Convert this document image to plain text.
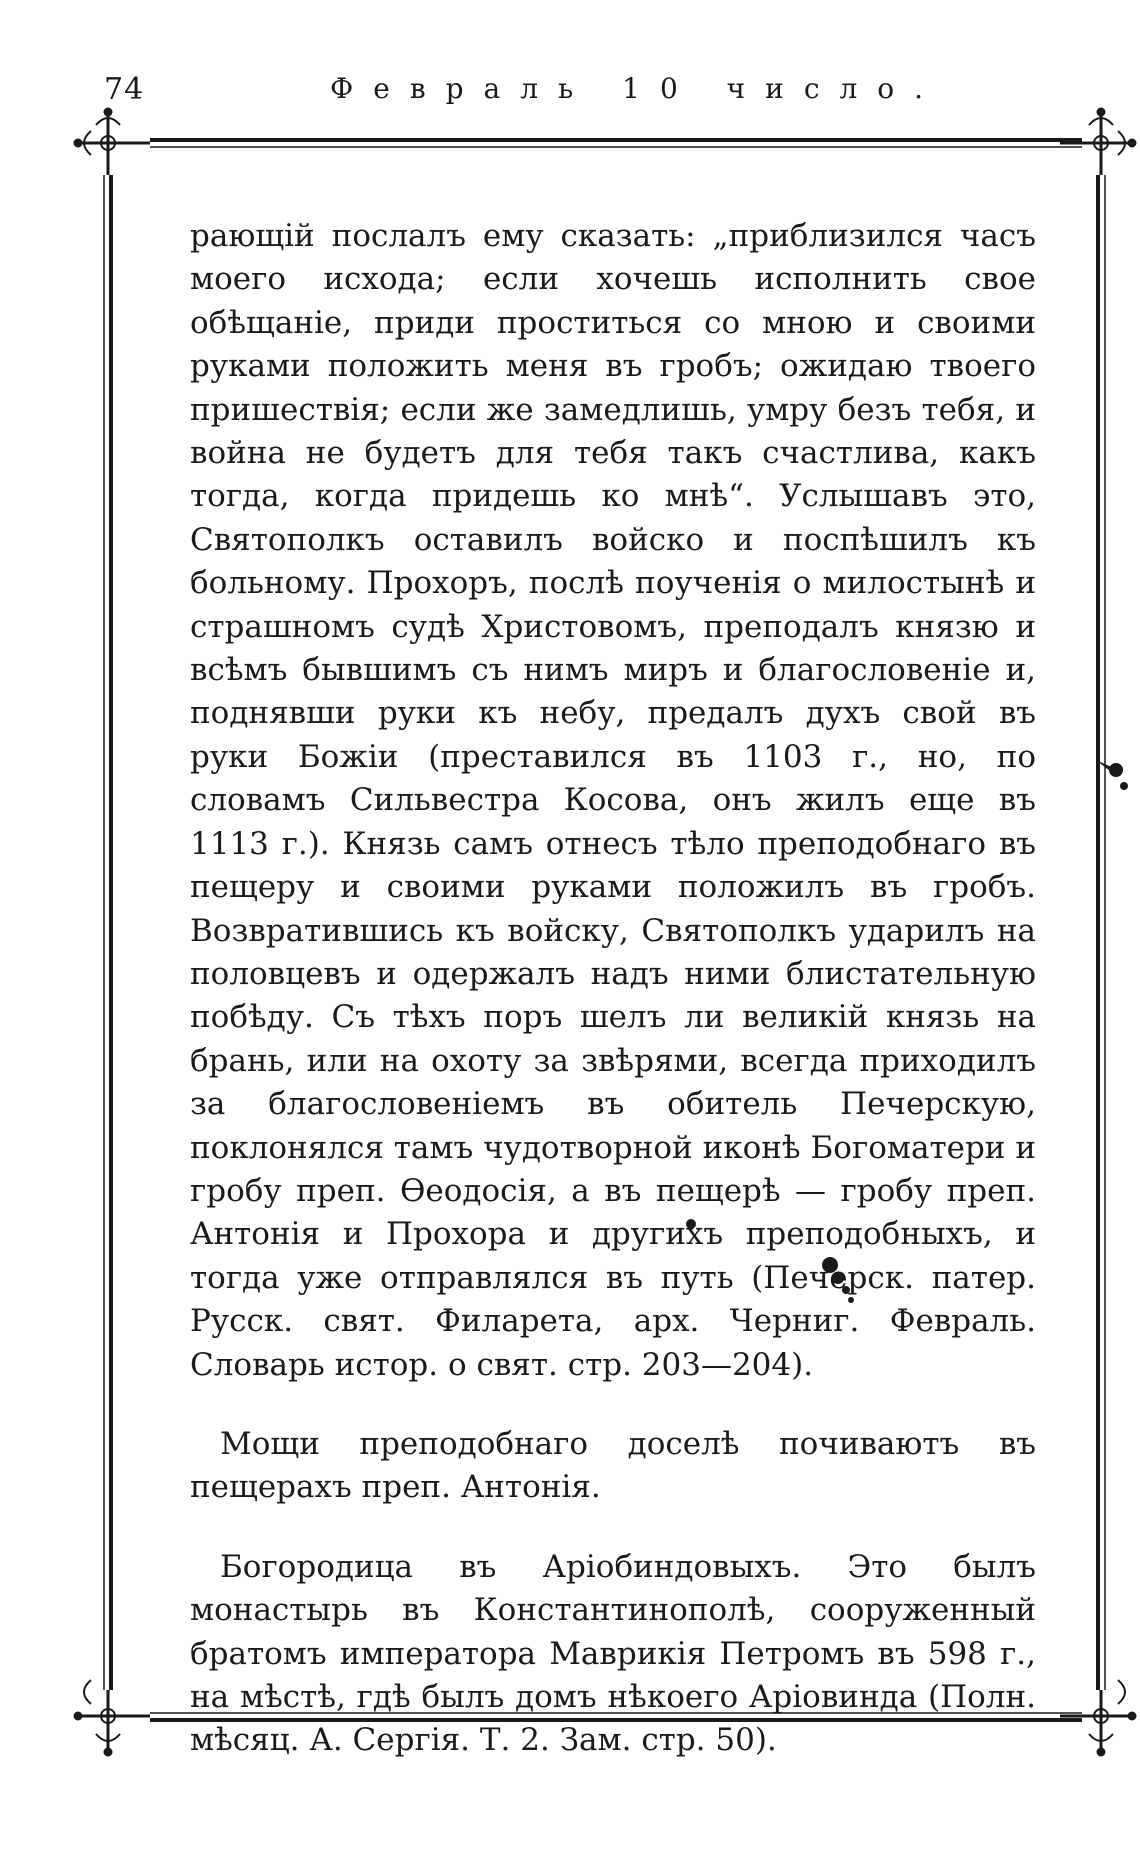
74	Февраль 10 число.

рающій послалъ ему сказать: „приблизился часъ моего исхода; если хочешь исполнить свое обѣщаніе, приди проститься со мною и своими руками положить меня въ гробъ; ожидаю твоего пришествія; если же замедлишь, умру безъ тебя, и война не будетъ для тебя такъ счастлива, какъ тогда, когда придешь ко мнѣ“. Услышавъ это, Святополкъ оставилъ войско и поспѣшилъ къ больному. Прохоръ, послѣ поученія о милостынѣ и страшномъ судѣ Христовомъ, преподалъ князю и всѣмъ бывшимъ съ нимъ миръ и благословеніе и, поднявши руки къ небу, предалъ духъ свой въ руки Божіи (преставился въ 1103 г., но, по словамъ Сильвестра Косова, онъ жилъ еще въ 1113 г.). Князь самъ отнесъ тѣло преподобнаго въ пещеру и своими руками положилъ въ гробъ. Возвратившись къ войску, Святополкъ ударилъ на половцевъ и одержалъ надъ ними блистательную побѣду. Съ тѣхъ поръ шелъ ли великій князь на брань, или на охоту за звѣрями, всегда приходилъ за благословеніемъ въ обитель Печерскую, поклонялся тамъ чудотворной иконѣ Богоматери и гробу преп. Ѳеодосія, а въ пещерѣ — гробу преп. Антонія и Прохора и другихъ преподобныхъ, и тогда уже отправлялся въ путь (Печерск. патер. Русск. свят. Филарета, арх. Черниг. Февраль. Словарь истор. о свят. стр. 203—204).

Мощи преподобнаго доселѣ почиваютъ въ пещерахъ преп. Антонія.

Богородица въ Аріобиндовыхъ. Это былъ монастырь въ Константинополѣ, сооруженный братомъ императора Маврикія Петромъ въ 598 г., на мѣстѣ, гдѣ былъ домъ нѣкоего Аріовинда (Полн. мѣсяц. А. Сергія. Т. 2. Зам. стр. 50).
